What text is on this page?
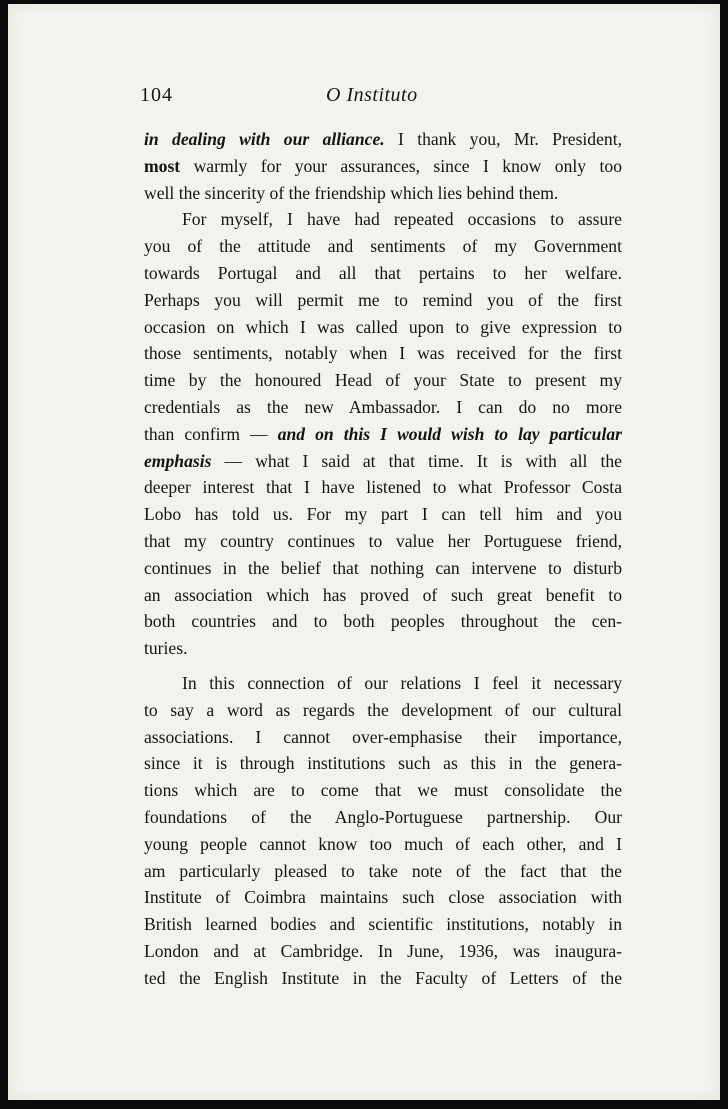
104	O Instituto
in dealing with our alliance. I thank you, Mr. President,
most warmly for your assurances, since I know only too
well the sincerity of the friendship which lies behind them.
For myself, I have had repeated occasions to assure
you of the attitude and sentiments of my Government
towards Portugal and all that pertains to her welfare.
Perhaps you will permit me to remind you of the first
occasion on which I was called upon to give expression to
those sentiments, notably when I was received for the first
time by the honoured Head of your State to present my
credentials as the new Ambassador. I can do no more
than confirm — and on this I would wish to lay particular
emphasis — what I said at that time. It is with all the
deeper interest that I have listened to what Professor Costa
Lobo has told us. For my part I can tell him and you
that my country continues to value her Portuguese friend,
continues in the belief that nothing can intervene to disturb
an association which has proved of such great benefit to
both countries and to both peoples throughout the cen-
turies.
In this connection of our relations I feel it necessary
to say a word as regards the development of our cultural
associations. I cannot over-emphasise their importance,
since it is through institutions such as this in the genera-
tions which are to come that we must consolidate the
foundations of the Anglo-Portuguese partnership. Our
young people cannot know too much of each other, and I
am particularly pleased to take note of the fact that the
Institute of Coimbra maintains such close association with
British learned bodies and scientific institutions, notably in
London and at Cambridge. In June, 1936, was inaugura-
ted the English Institute in the Faculty of Letters of the
